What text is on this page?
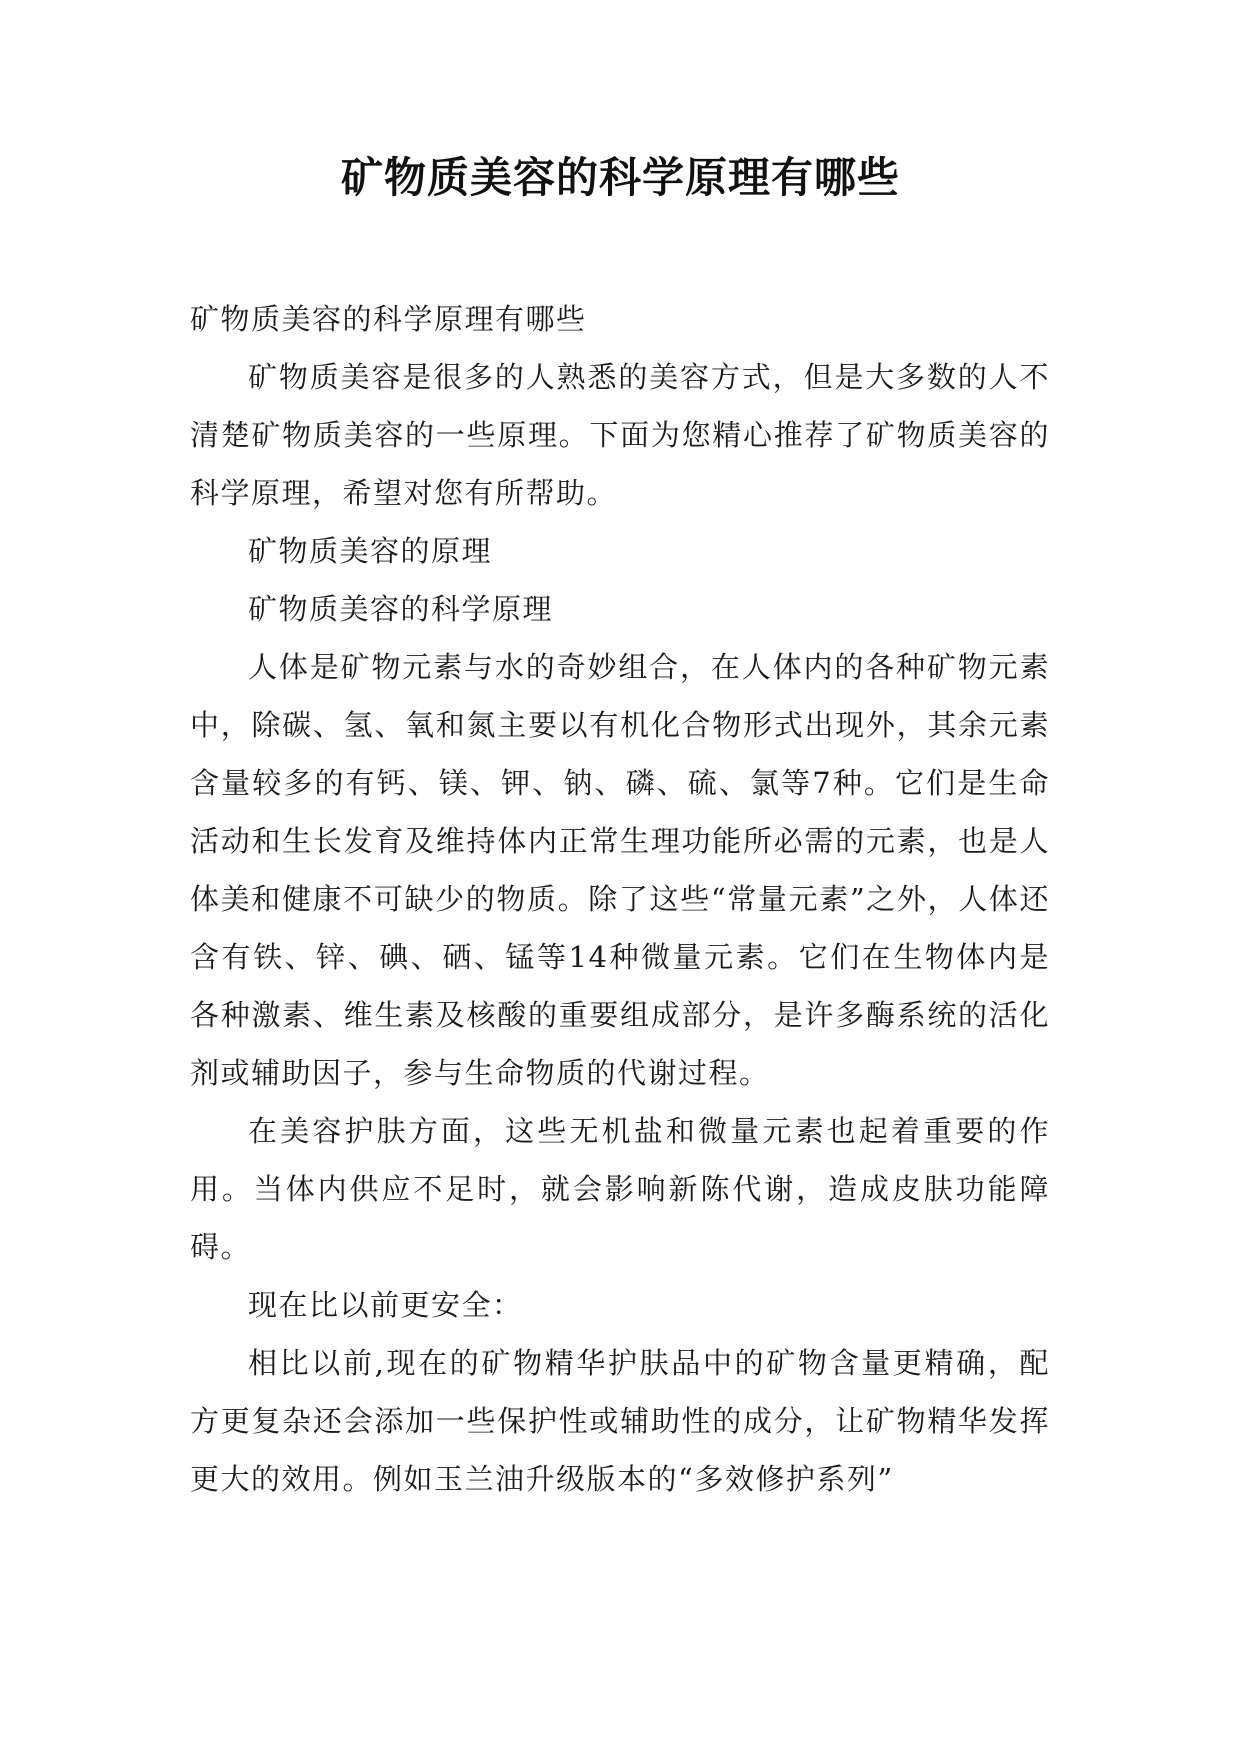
矿物质美容的科学原理有哪些

矿物质美容的科学原理有哪些

矿物质美容是很多的人熟悉的美容方式，但是大多数的人不清楚矿物质美容的一些原理。下面为您精心推荐了矿物质美容的科学原理，希望对您有所帮助。

矿物质美容的原理

矿物质美容的科学原理

人体是矿物元素与水的奇妙组合，在人体内的各种矿物元素中，除碳、氢、氧和氮主要以有机化合物形式出现外，其余元素含量较多的有钙、镁、钾、钠、磷、硫、氯等7种。它们是生命活动和生长发育及维持体内正常生理功能所必需的元素，也是人体美和健康不可缺少的物质。除了这些“常量元素”之外，人体还含有铁、锌、碘、硒、锰等14种微量元素。它们在生物体内是各种激素、维生素及核酸的重要组成部分，是许多酶系统的活化剂或辅助因子，参与生命物质的代谢过程。

在美容护肤方面，这些无机盐和微量元素也起着重要的作用。当体内供应不足时，就会影响新陈代谢，造成皮肤功能障碍。

现在比以前更安全：

相比以前,现在的矿物精华护肤品中的矿物含量更精确，配方更复杂还会添加一些保护性或辅助性的成分，让矿物精华发挥更大的效用。例如玉兰油升级版本的“多效修护系列”
